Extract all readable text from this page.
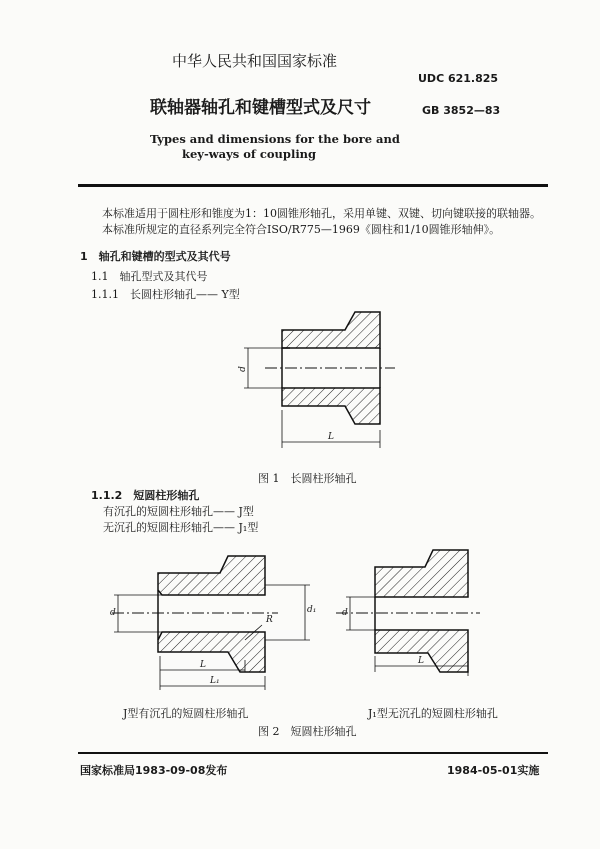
中华人民共和国国家标准
UDC 621.825
联轴器轴孔和键槽型式及尺寸	GB 3852—83
Types and dimensions for the bore and
key-ways of coupling
本标准适用于圆柱形和锥度为1：10圆锥形轴孔，采用单键、双键、切向键联接的联轴器。
本标准所规定的直径系列完全符合ISO/R775—1969《圆柱和1/10圆锥形轴伸》。
1　轴孔和键槽的型式及其代号
1.1　轴孔型式及其代号
1.1.1　长圆柱形轴孔—— Y型
d
L
图 1　长圆柱形轴孔
1.1.2　短圆柱形轴孔
有沉孔的短圆柱形轴孔—— J型
无沉孔的短圆柱形轴孔—— J₁型
d	d₁
R
L
L₁
d
L
J型有沉孔的短圆柱形轴孔	J₁型无沉孔的短圆柱形轴孔
图 2　短圆柱形轴孔
国家标准局1983-09-08发布	1984-05-01实施
